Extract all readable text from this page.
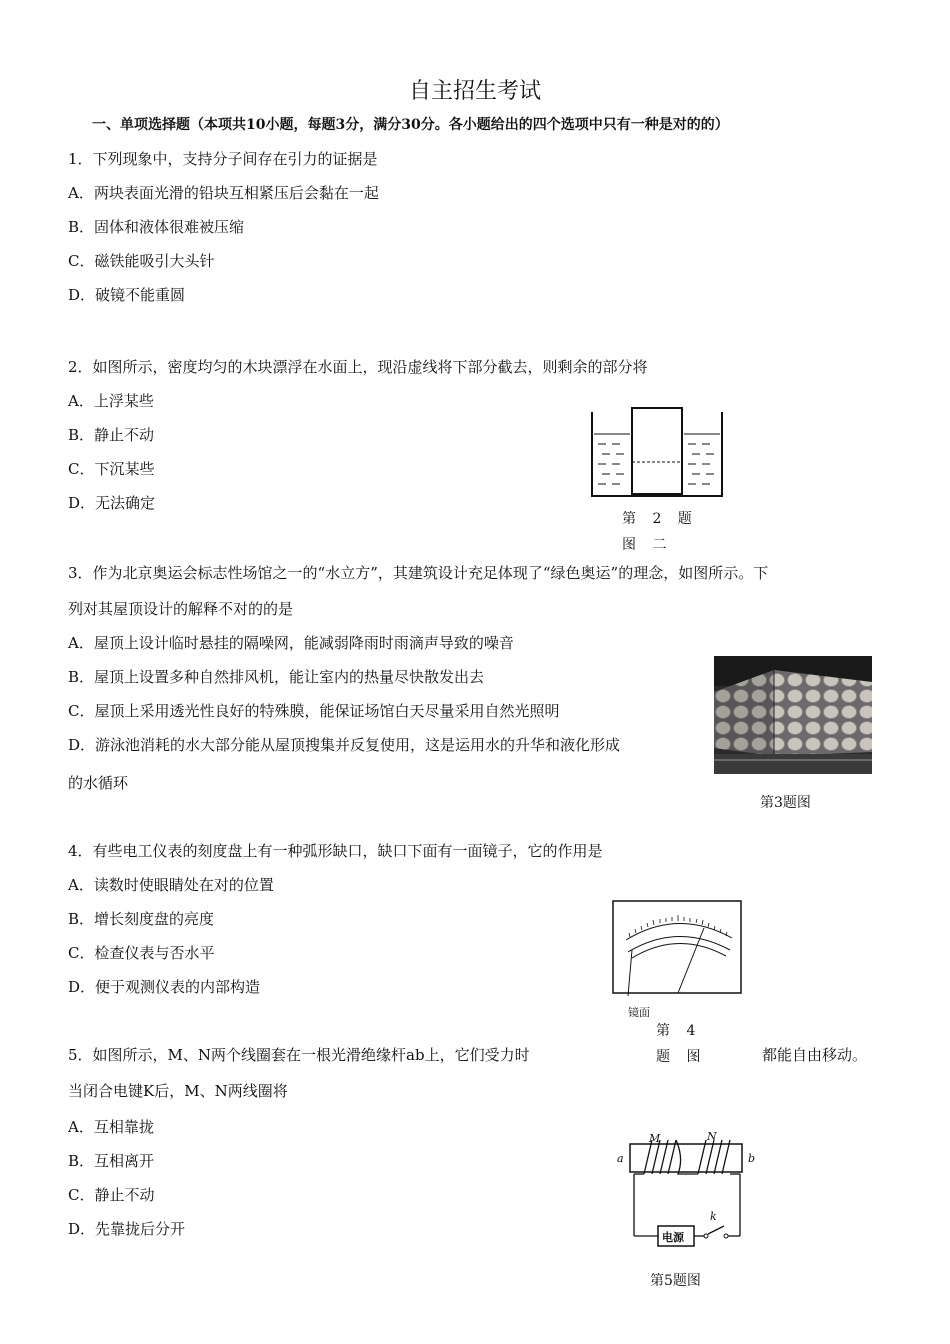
自主招生考试
一、单项选择题（本项共10小题，每题3分，满分30分。各小题给出的四个选项中只有一种是对的的）
1．下列现象中，支持分子间存在引力的证据是
A．两块表面光滑的铅块互相紧压后会黏在一起
B．固体和液体很难被压缩
C．磁铁能吸引大头针
D．破镜不能重圆
2．如图所示，密度均匀的木块漂浮在水面上，现沿虚线将下部分截去，则剩余的部分将
A．上浮某些
B．静止不动
C．下沉某些
D．无法确定
第 2 题 图 二
3．作为北京奥运会标志性场馆之一的“水立方”，其建筑设计充足体现了“绿色奥运”的理念，如图所示。下
列对其屋顶设计的解释不对的的是
A．屋顶上设计临时悬挂的隔噪网，能减弱降雨时雨滴声导致的噪音
B．屋顶上设置多种自然排风机，能让室内的热量尽快散发出去
C．屋顶上采用透光性良好的特殊膜，能保证场馆白天尽量采用自然光照明
D．游泳池消耗的水大部分能从屋顶搜集并反复使用，这是运用水的升华和液化形成
的水循环
第3题图
4．有些电工仪表的刻度盘上有一种弧形缺口，缺口下面有一面镜子，它的作用是
A．读数时使眼睛处在对的位置
B．增长刻度盘的亮度
C．检查仪表与否水平
D．便于观测仪表的内部构造
镜面
第 4 题 图
5．如图所示，M、N两个线圈套在一根光滑绝缘杆ab上，它们受力时	都能自由移动。
当闭合电键K后，M、N两线圈将
A．互相靠拢
B．互相离开
C．静止不动
D．先靠拢后分开
M	N
a	b
k
电源
第5题图
